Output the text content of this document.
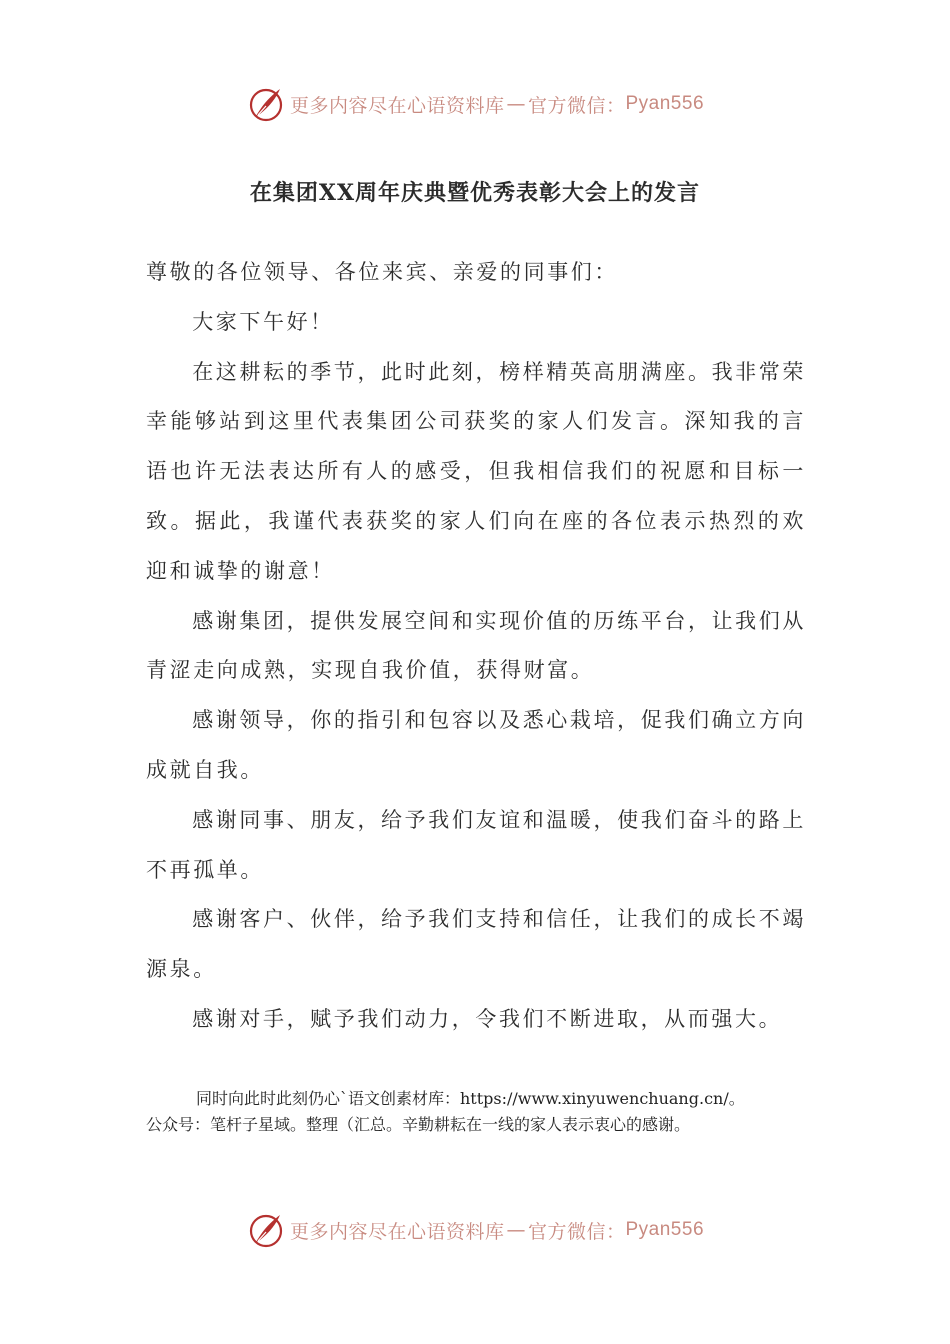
更多内容尽在心语资料库 — 官方微信： Pyan556
在集团XX周年庆典暨优秀表彰大会上的发言

尊敬的各位领导、各位来宾、亲爱的同事们：

大家下午好！

在这耕耘的季节，此时此刻，榜样精英高朋满座。我非常荣幸能够站到这里代表集团公司获奖的家人们发言。深知我的言语也许无法表达所有人的感受，但我相信我们的祝愿和目标一致。据此，我谨代表获奖的家人们向在座的各位表示热烈的欢迎和诚挚的谢意！

感谢集团，提供发展空间和实现价值的历练平台，让我们从青涩走向成熟，实现自我价值，获得财富。

感谢领导，你的指引和包容以及悉心栽培，促我们确立方向成就自我。

感谢同事、朋友，给予我们友谊和温暖，使我们奋斗的路上不再孤单。

感谢客户、伙伴，给予我们支持和信任，让我们的成长不竭源泉。

感谢对手，赋予我们动力，令我们不断进取，从而强大。

同时向此时此刻仍心`语文创素材库：https://www.xinyuwenchuang.cn/。
公众号：笔杆子星域。整理（汇总。辛勤耕耘在一线的家人表示衷心的感谢。
更多内容尽在心语资料库 — 官方微信： Pyan556
